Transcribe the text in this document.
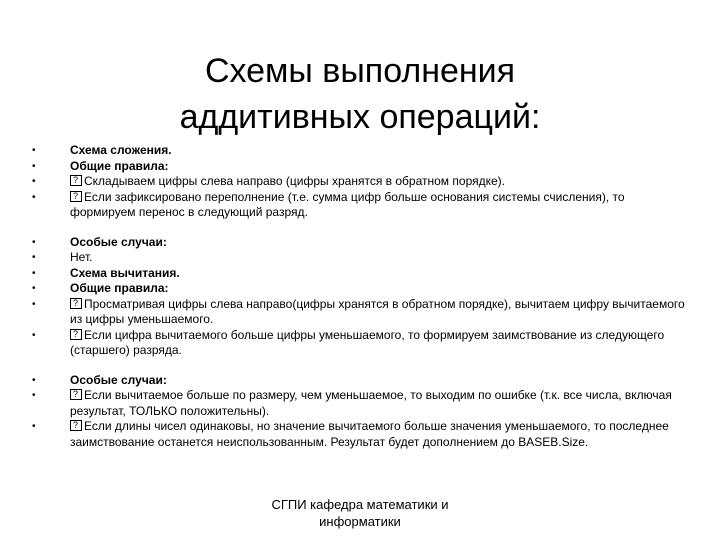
Схемы выполнения
аддитивных операций:
•	Схема сложения.
•	Общие правила:
• ?	Складываем цифры слева направо (цифры хранятся в обратном порядке).
• ?	Если зафиксировано переполнение (т.е. сумма цифр больше основания системы счисления), то формируем перенос в следующий разряд.
•	Особые случаи:
•	Нет.
•	Схема вычитания.
•	Общие правила:
• ?	Просматривая цифры слева направо(цифры хранятся в обратном порядке), вычитаем цифру вычитаемого из цифры уменьшаемого.
• ?	Если цифра вычитаемого больше цифры уменьшаемого, то формируем заимствование из следующего (старшего) разряда.
•	Особые случаи:
• ?	Если вычитаемое больше по размеру, чем уменьшаемое, то выходим по ошибке (т.к. все числа, включая результат, ТОЛЬКО положительны).
• ?	Если длины чисел одинаковы, но значение вычитаемого больше значения уменьшаемого, то последнее заимствование останется неиспользованным. Результат будет дополнением до BASEB.Size.
СГПИ кафедра математики и
информатики
